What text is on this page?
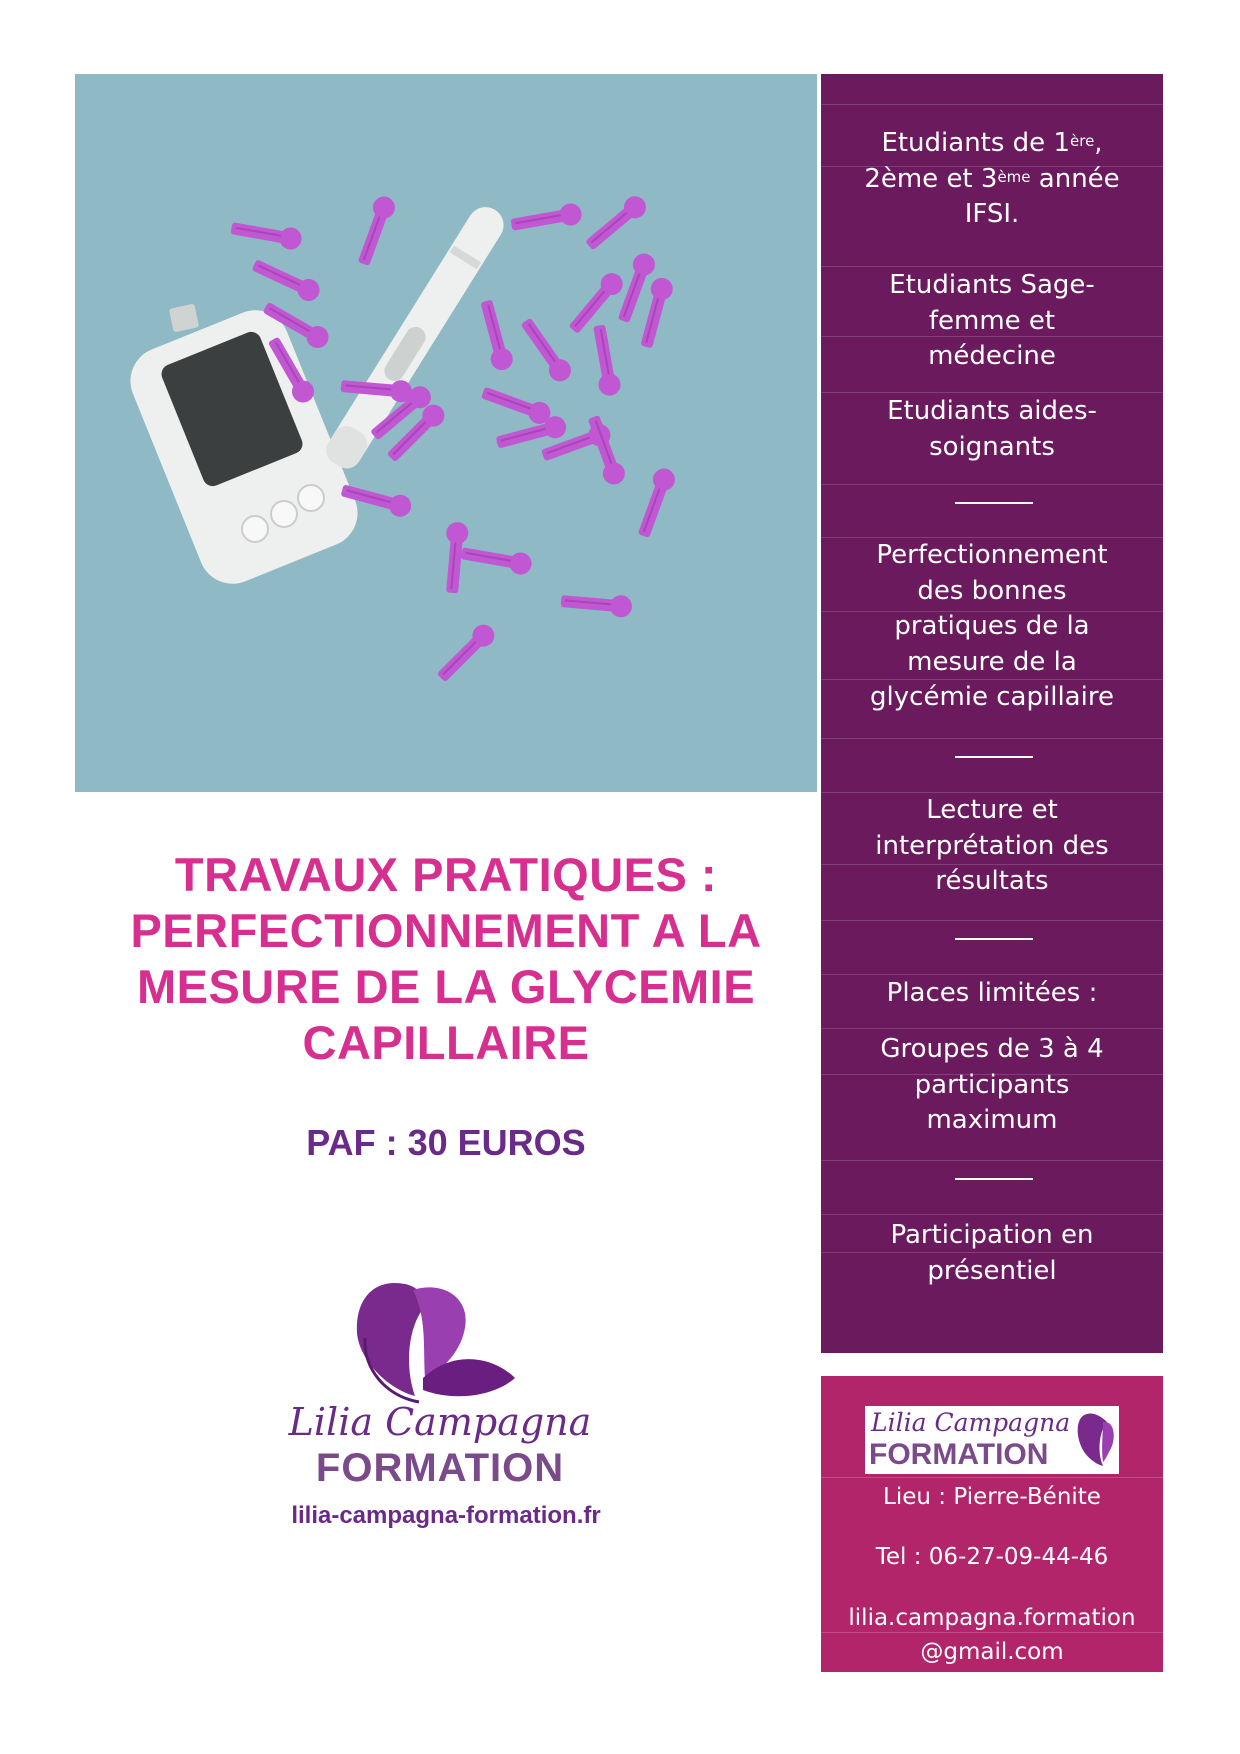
Etudiants de 1ère,
2ème et 3ème année
IFSI.
Etudiants Sage-
femme et
médecine
Etudiants aides-
soignants
Perfectionnement
des bonnes
pratiques de la
mesure de la
glycémie capillaire
Lecture et
interprétation des
résultats
Places limitées :
Groupes de 3 à 4
participants
maximum
Participation en
présentiel
TRAVAUX PRATIQUES :
PERFECTIONNEMENT A LA
MESURE DE LA GLYCEMIE
CAPILLAIRE
PAF : 30 EUROS
Lilia Campagna
FORMATION
lilia-campagna-formation.fr
Lilia Campagna
FORMATION
Lieu : Pierre-Bénite
Tel : 06-27-09-44-46
lilia.campagna.formation
@gmail.com
